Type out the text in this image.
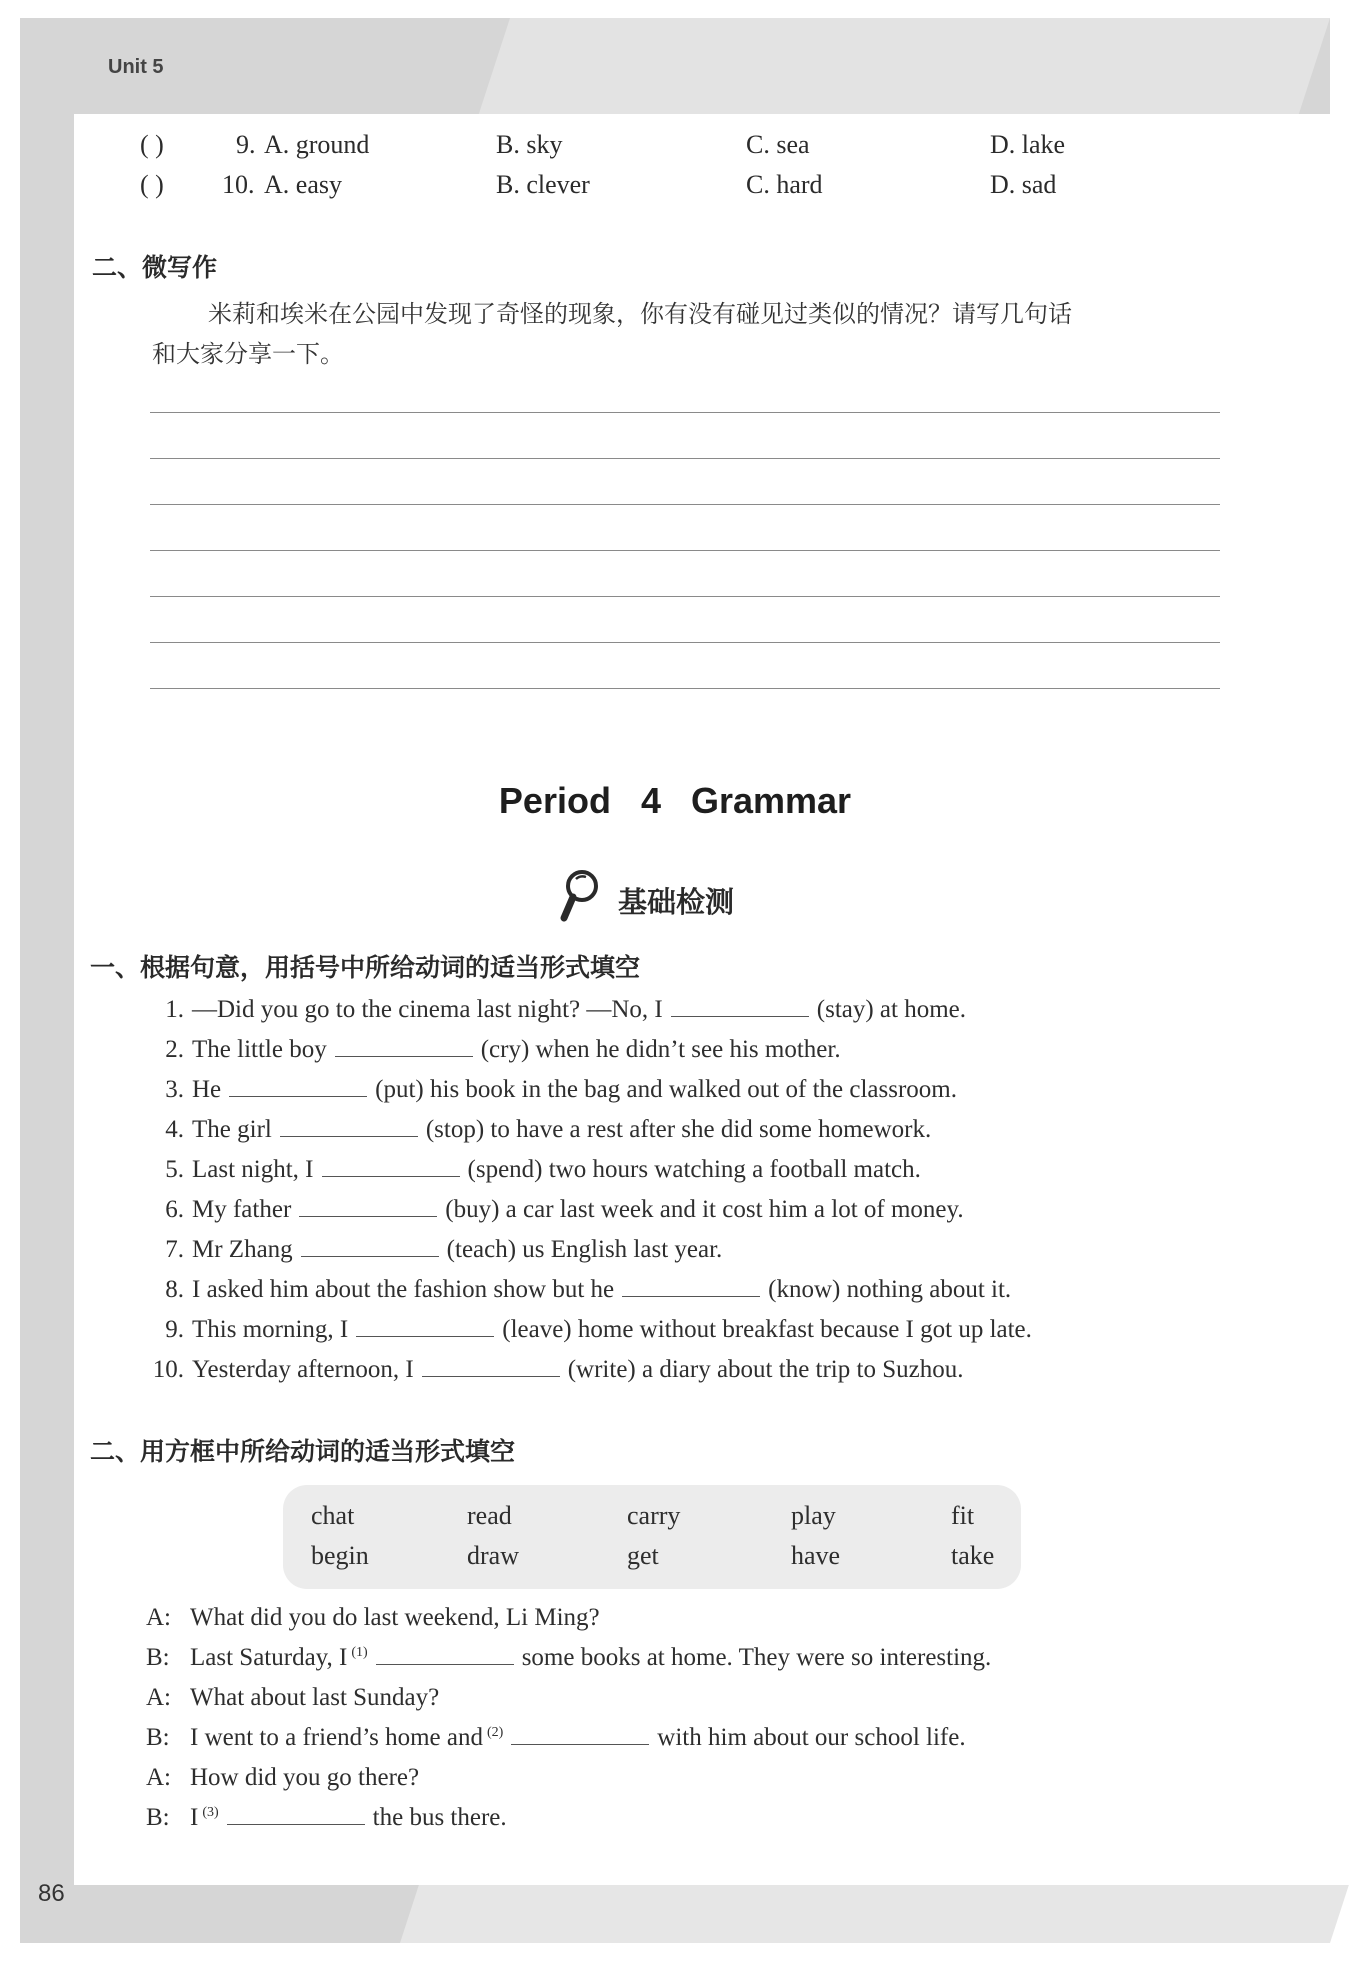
Unit 5
( )	9. A. ground	B. sky	C. sea	D. lake
( ) 10. A. easy	B. clever	C. hard	D. sad
二、微写作
米莉和埃米在公园中发现了奇怪的现象，你有没有碰见过类似的情况？请写几句话
和大家分享一下。
Period 4 Grammar
基础检测
一、根据句意，用括号中所给动词的适当形式填空
1. —Did you go to the cinema last night? —No, I	(stay) at home.
2. The little boy	(cry) when he didn’t see his mother.
3. He	(put) his book in the bag and walked out of the classroom.
4. The girl	(stop) to have a rest after she did some homework.
5. Last night, I	(spend) two hours watching a football match.
6. My father	(buy) a car last week and it cost him a lot of money.
7. Mr Zhang	(teach) us English last year.
8. I asked him about the fashion show but he	(know) nothing about it.
9. This morning, I	(leave) home without breakfast because I got up late.
10. Yesterday afternoon, I	(write) a diary about the trip to Suzhou.
二、用方框中所给动词的适当形式填空
chat	read	carry	play	fit
begin	draw	get	have	take
A: What did you do last weekend, Li Ming?
B: Last Saturday, I $^{(1)}$	some books at home. They were so interesting.
A: What about last Sunday?
B: I went to a friend’s home and $^{(2)}$	with him about our school life.
A: How did you go there?
B: I $^{(3)}$	the bus there.
86
